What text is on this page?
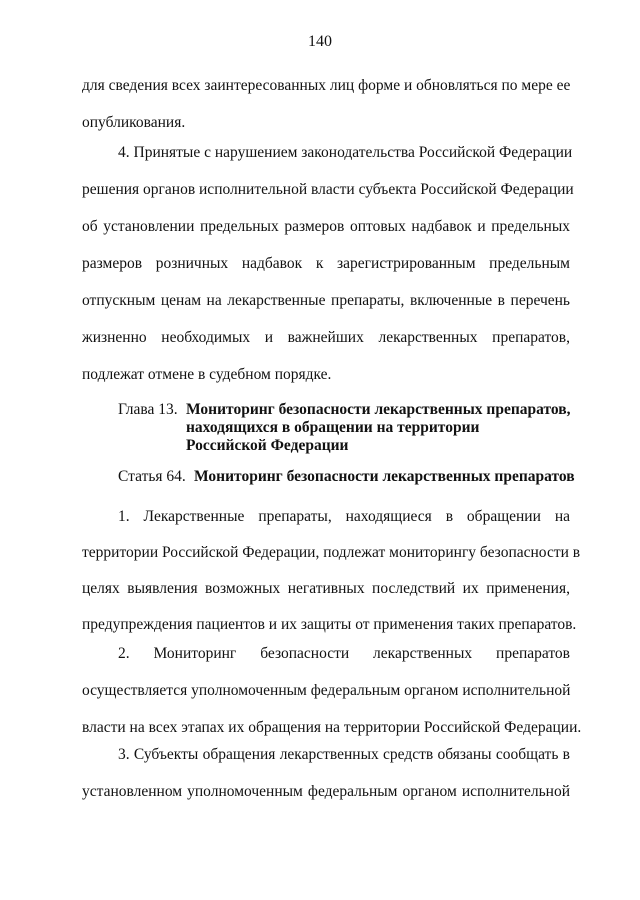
140
для сведения всех заинтересованных лиц форме и обновляться по мере ее
опубликования.
4. Принятые с нарушением законодательства Российской Федерации
решения органов исполнительной власти субъекта Российской Федерации
об установлении предельных размеров оптовых надбавок и предельных
размеров розничных надбавок к зарегистрированным предельным
отпускным ценам на лекарственные препараты, включенные в перечень
жизненно необходимых и важнейших лекарственных препаратов,
подлежат отмене в судебном порядке.
Глава 13. Мониторинг безопасности лекарственных препаратов,
находящихся в обращении на территории
Российской Федерации
Статья 64. Мониторинг безопасности лекарственных препаратов
1. Лекарственные препараты, находящиеся в обращении на
территории Российской Федерации, подлежат мониторингу безопасности в
целях выявления возможных негативных последствий их применения,
предупреждения пациентов и их защиты от применения таких препаратов.
2. Мониторинг безопасности лекарственных препаратов
осуществляется уполномоченным федеральным органом исполнительной
власти на всех этапах их обращения на территории Российской Федерации.
3. Субъекты обращения лекарственных средств обязаны сообщать в
установленном уполномоченным федеральным органом исполнительной
